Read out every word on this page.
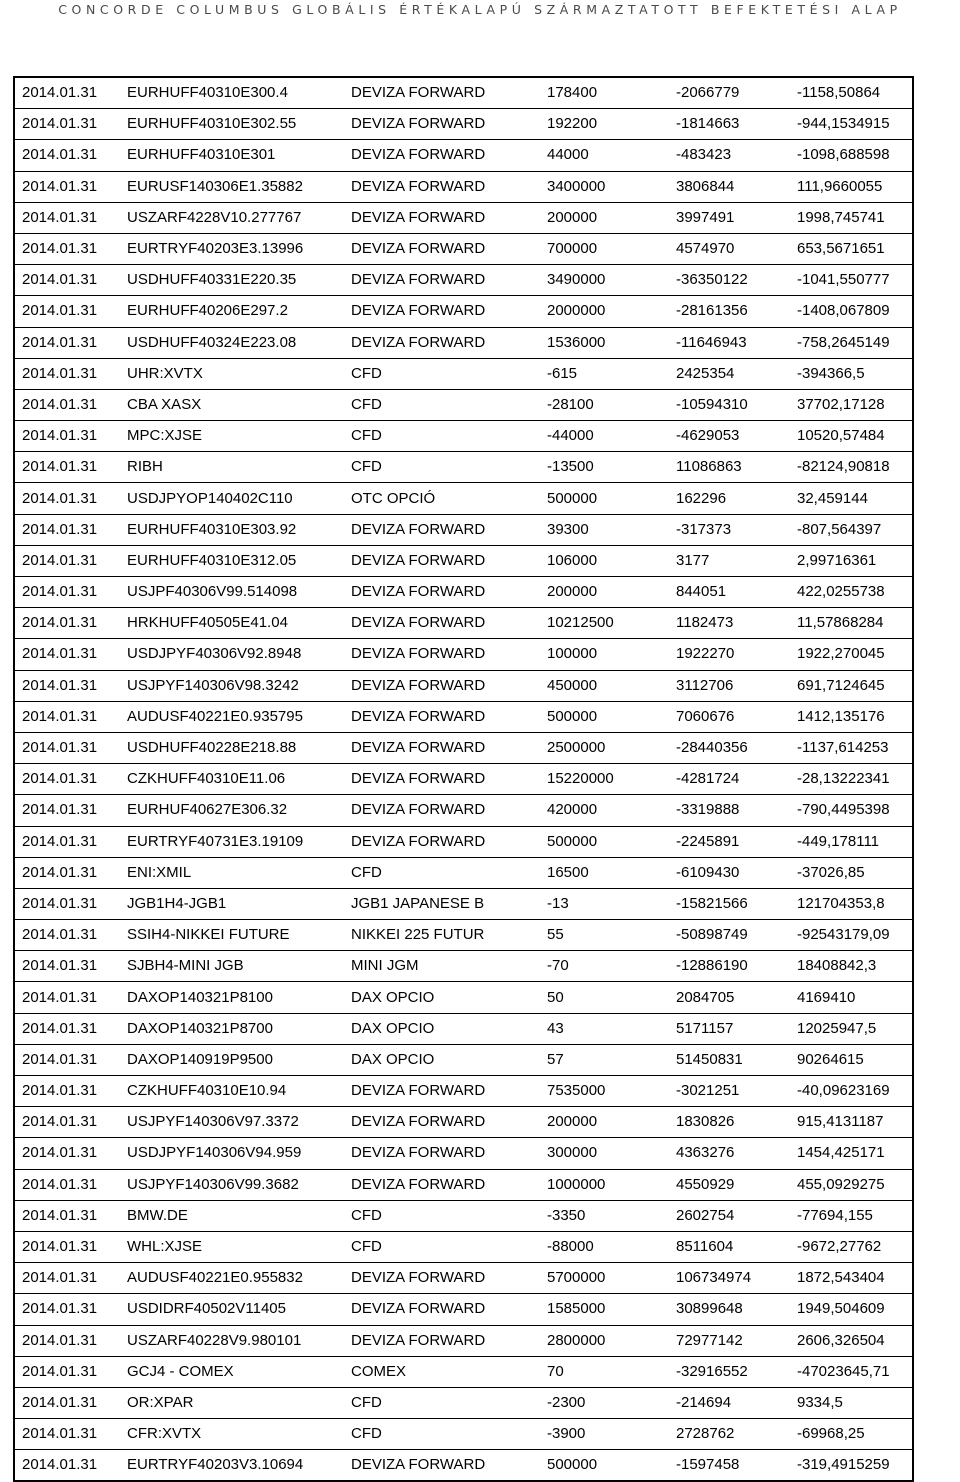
CONCORDE COLUMBUS GLOBÁLIS ÉRTÉKALAPÚ SZÁRMAZTATOTT BEFEKTETÉSI ALAP
2014.01.31	EURHUFF40310E300.4	DEVIZA FORWARD	178400	-2066779	-1158,50864
2014.01.31	EURHUFF40310E302.55	DEVIZA FORWARD	192200	-1814663	-944,1534915
2014.01.31	EURHUFF40310E301	DEVIZA FORWARD	44000	-483423	-1098,688598
2014.01.31	EURUSF140306E1.35882	DEVIZA FORWARD	3400000	3806844	111,9660055
2014.01.31	USZARF4228V10.277767	DEVIZA FORWARD	200000	3997491	1998,745741
2014.01.31	EURTRYF40203E3.13996	DEVIZA FORWARD	700000	4574970	653,5671651
2014.01.31	USDHUFF40331E220.35	DEVIZA FORWARD	3490000	-36350122	-1041,550777
2014.01.31	EURHUFF40206E297.2	DEVIZA FORWARD	2000000	-28161356	-1408,067809
2014.01.31	USDHUFF40324E223.08	DEVIZA FORWARD	1536000	-11646943	-758,2645149
2014.01.31	UHR:XVTX	CFD	-615	2425354	-394366,5
2014.01.31	CBA XASX	CFD	-28100	-10594310	37702,17128
2014.01.31	MPC:XJSE	CFD	-44000	-4629053	10520,57484
2014.01.31	RIBH	CFD	-13500	11086863	-82124,90818
2014.01.31	USDJPYOP140402C110	OTC OPCIÓ	500000	162296	32,459144
2014.01.31	EURHUFF40310E303.92	DEVIZA FORWARD	39300	-317373	-807,564397
2014.01.31	EURHUFF40310E312.05	DEVIZA FORWARD	106000	3177	2,99716361
2014.01.31	USJPF40306V99.514098	DEVIZA FORWARD	200000	844051	422,0255738
2014.01.31	HRKHUFF40505E41.04	DEVIZA FORWARD	10212500	1182473	11,57868284
2014.01.31	USDJPYF40306V92.8948	DEVIZA FORWARD	100000	1922270	1922,270045
2014.01.31	USJPYF140306V98.3242	DEVIZA FORWARD	450000	3112706	691,7124645
2014.01.31	AUDUSF40221E0.935795	DEVIZA FORWARD	500000	7060676	1412,135176
2014.01.31	USDHUFF40228E218.88	DEVIZA FORWARD	2500000	-28440356	-1137,614253
2014.01.31	CZKHUFF40310E11.06	DEVIZA FORWARD	15220000	-4281724	-28,13222341
2014.01.31	EURHUF40627E306.32	DEVIZA FORWARD	420000	-3319888	-790,4495398
2014.01.31	EURTRYF40731E3.19109	DEVIZA FORWARD	500000	-2245891	-449,178111
2014.01.31	ENI:XMIL	CFD	16500	-6109430	-37026,85
2014.01.31	JGB1H4-JGB1	JGB1 JAPANESE B	-13	-15821566	121704353,8
2014.01.31	SSIH4-NIKKEI FUTURE	NIKKEI 225 FUTUR	55	-50898749	-92543179,09
2014.01.31	SJBH4-MINI JGB	MINI JGM	-70	-12886190	18408842,3
2014.01.31	DAXOP140321P8100	DAX OPCIO	50	2084705	4169410
2014.01.31	DAXOP140321P8700	DAX OPCIO	43	5171157	12025947,5
2014.01.31	DAXOP140919P9500	DAX OPCIO	57	51450831	90264615
2014.01.31	CZKHUFF40310E10.94	DEVIZA FORWARD	7535000	-3021251	-40,09623169
2014.01.31	USJPYF140306V97.3372	DEVIZA FORWARD	200000	1830826	915,4131187
2014.01.31	USDJPYF140306V94.959	DEVIZA FORWARD	300000	4363276	1454,425171
2014.01.31	USJPYF140306V99.3682	DEVIZA FORWARD	1000000	4550929	455,0929275
2014.01.31	BMW.DE	CFD	-3350	2602754	-77694,155
2014.01.31	WHL:XJSE	CFD	-88000	8511604	-9672,27762
2014.01.31	AUDUSF40221E0.955832	DEVIZA FORWARD	5700000	106734974	1872,543404
2014.01.31	USDIDRF40502V11405	DEVIZA FORWARD	1585000	30899648	1949,504609
2014.01.31	USZARF40228V9.980101	DEVIZA FORWARD	2800000	72977142	2606,326504
2014.01.31	GCJ4 - COMEX	COMEX	70	-32916552	-47023645,71
2014.01.31	OR:XPAR	CFD	-2300	-214694	9334,5
2014.01.31	CFR:XVTX	CFD	-3900	2728762	-69968,25
2014.01.31	EURTRYF40203V3.10694	DEVIZA FORWARD	500000	-1597458	-319,4915259
